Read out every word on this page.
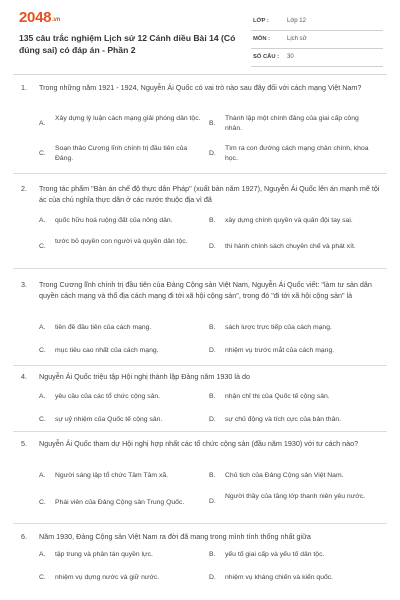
2048.vn
135 câu trắc nghiệm Lịch sử 12 Cánh diều Bài 14 (Có đúng sai) có đáp án - Phần 2
LỚP :	Lớp 12
MÔN :	Lịch sử
SỐ CÂU : 30
1. Trong những năm 1921 - 1924, Nguyễn Ái Quốc có vai trò nào sau đây đối với cách mạng Việt Nam?
A.
Xây dựng lý luận cách mạng giải phóng dân tộc.
B.
Thành lập một chính đảng của giai cấp công nhân.
C.
Soạn thảo Cương lĩnh chính trị đầu tiên của Đảng.
D.
Tìm ra con đường cách mạng chân chính, khoa học.
2. Trong tác phẩm "Bản án chế độ thực dân Pháp" (xuất bản năm 1927), Nguyễn Ái Quốc lên án mạnh mẽ tội ác của chủ nghĩa thực dân ở các nước thuộc địa vì đã
A. quốc hữu hoá ruộng đất của nông dân.	B. xây dựng chính quyền và quân đội tay sai.
C.
tước bỏ quyền con người và quyền dân tộc.
D. thi hành chính sách chuyên chế và phát xít.
3. Trong Cương lĩnh chính trị đầu tiên của Đảng Cộng sản Việt Nam, Nguyễn Ái Quốc viết: "làm tư sản dân quyền cách mạng và thổ địa cách mạng đi tới xã hội cộng sản", trong đó "đi tới xã hội cộng sản" là
A. tiền đề đầu tiên của cách mạng.	B. sách lược trực tiếp của cách mạng.
C. mục tiêu cao nhất của cách mạng.	D. nhiệm vụ trước mắt của cách mạng.
4. Nguyễn Ái Quốc triệu tập Hội nghị thành lập Đảng năm 1930 là do
A. yêu cầu của các tổ chức cộng sản.	B. nhận chỉ thị của Quốc tế cộng sản.
C. sự uỷ nhiệm của Quốc tế cộng sản.	D. sự chủ động và tích cực của bản thân.
5. Nguyễn Ái Quốc tham dự Hội nghị hợp nhất các tổ chức cộng sản (đầu năm 1930) với tư cách nào?
A. Người sáng lập tổ chức Tâm Tâm xã.	B. Chủ tịch của Đảng Cộng sản Việt Nam.
C. Phái viên của Đảng Cộng sản Trung Quốc.	D.
Người thầy của tầng lớp thanh niên yêu nước.
6. Năm 1930, Đảng Cộng sản Việt Nam ra đời đã mang trong mình tính thống nhất giữa
A. tập trung và phân tán quyền lực.	B. yếu tố giai cấp và yếu tố dân tộc.
C. nhiệm vụ dựng nước và giữ nước.	D. nhiệm vụ kháng chiến và kiến quốc.
